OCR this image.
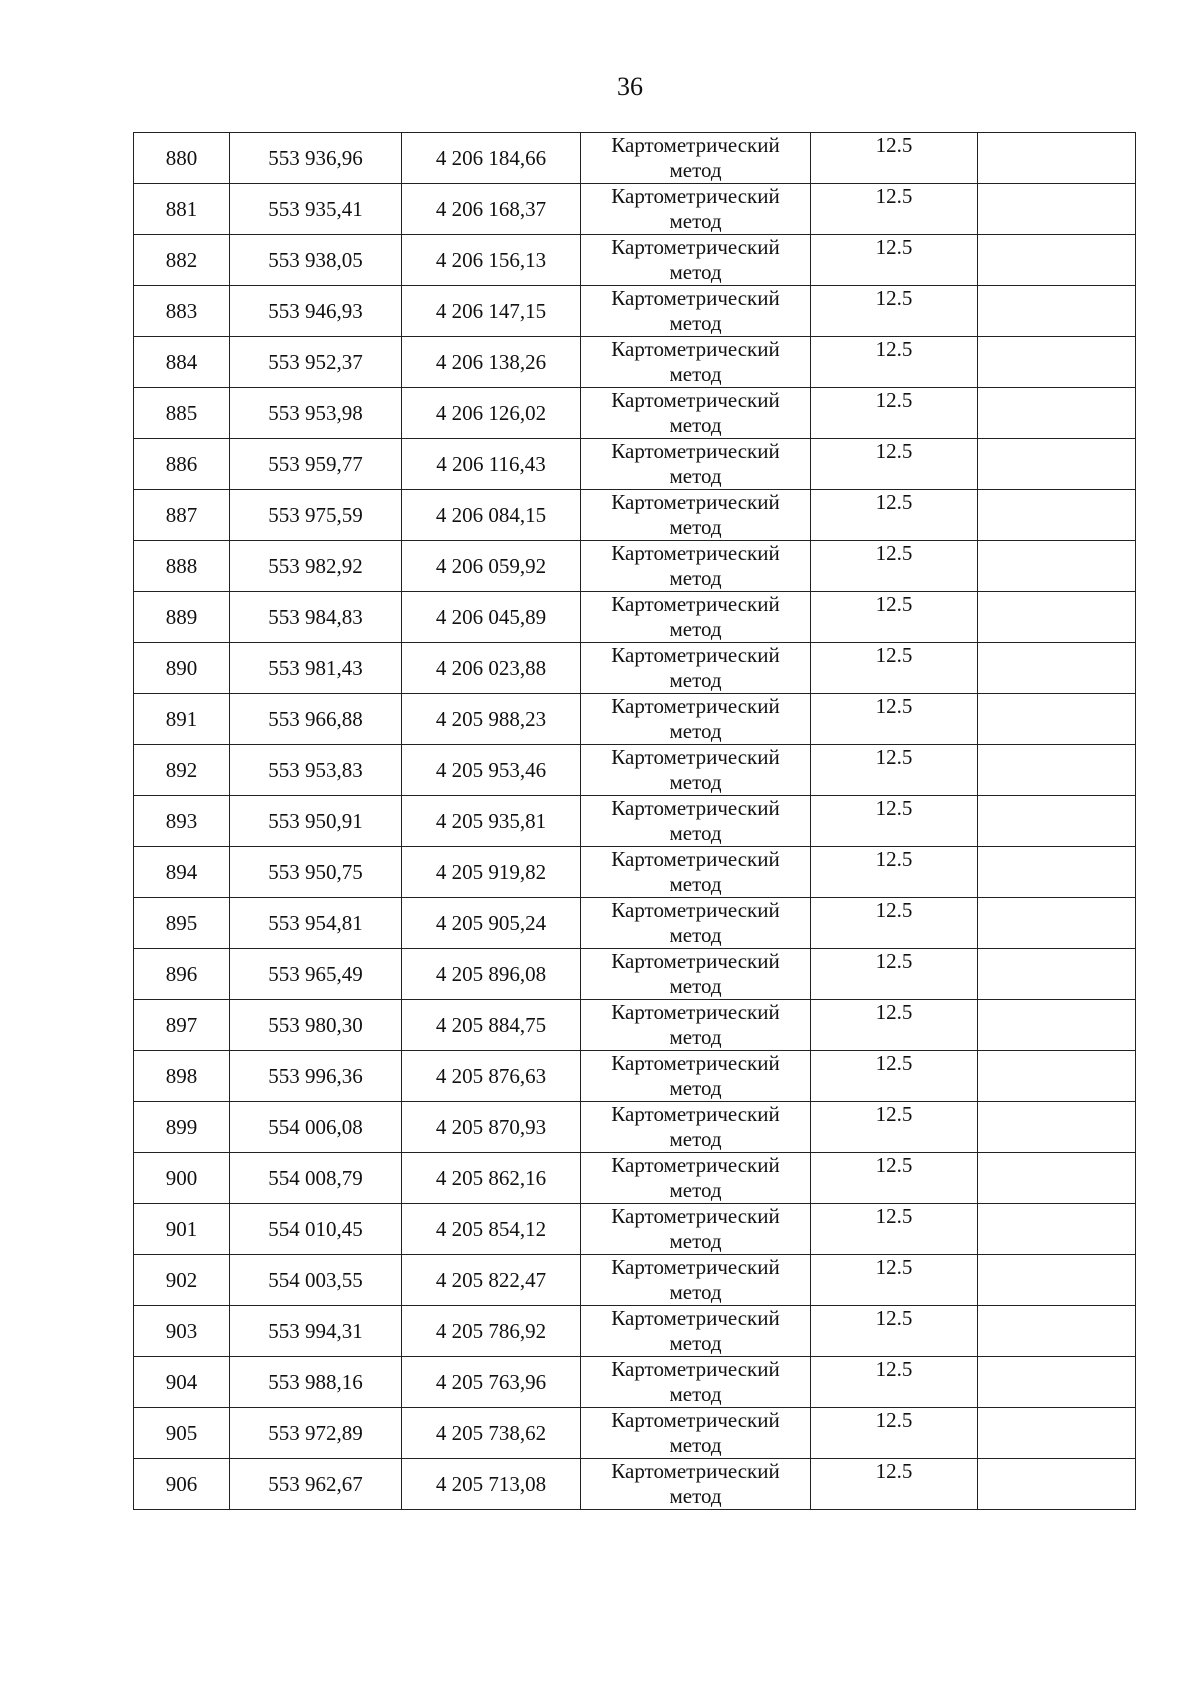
36
880	553 936,96	4 206 184,66	Картометрический
метод	12.5	
881	553 935,41	4 206 168,37	Картометрический
метод	12.5	
882	553 938,05	4 206 156,13	Картометрический
метод	12.5	
883	553 946,93	4 206 147,15	Картометрический
метод	12.5	
884	553 952,37	4 206 138,26	Картометрический
метод	12.5	
885	553 953,98	4 206 126,02	Картометрический
метод	12.5	
886	553 959,77	4 206 116,43	Картометрический
метод	12.5	
887	553 975,59	4 206 084,15	Картометрический
метод	12.5	
888	553 982,92	4 206 059,92	Картометрический
метод	12.5	
889	553 984,83	4 206 045,89	Картометрический
метод	12.5	
890	553 981,43	4 206 023,88	Картометрический
метод	12.5	
891	553 966,88	4 205 988,23	Картометрический
метод	12.5	
892	553 953,83	4 205 953,46	Картометрический
метод	12.5	
893	553 950,91	4 205 935,81	Картометрический
метод	12.5	
894	553 950,75	4 205 919,82	Картометрический
метод	12.5	
895	553 954,81	4 205 905,24	Картометрический
метод	12.5	
896	553 965,49	4 205 896,08	Картометрический
метод	12.5	
897	553 980,30	4 205 884,75	Картометрический
метод	12.5	
898	553 996,36	4 205 876,63	Картометрический
метод	12.5	
899	554 006,08	4 205 870,93	Картометрический
метод	12.5	
900	554 008,79	4 205 862,16	Картометрический
метод	12.5	
901	554 010,45	4 205 854,12	Картометрический
метод	12.5	
902	554 003,55	4 205 822,47	Картометрический
метод	12.5	
903	553 994,31	4 205 786,92	Картометрический
метод	12.5	
904	553 988,16	4 205 763,96	Картометрический
метод	12.5	
905	553 972,89	4 205 738,62	Картометрический
метод	12.5	
906	553 962,67	4 205 713,08	Картометрический
метод	12.5	
